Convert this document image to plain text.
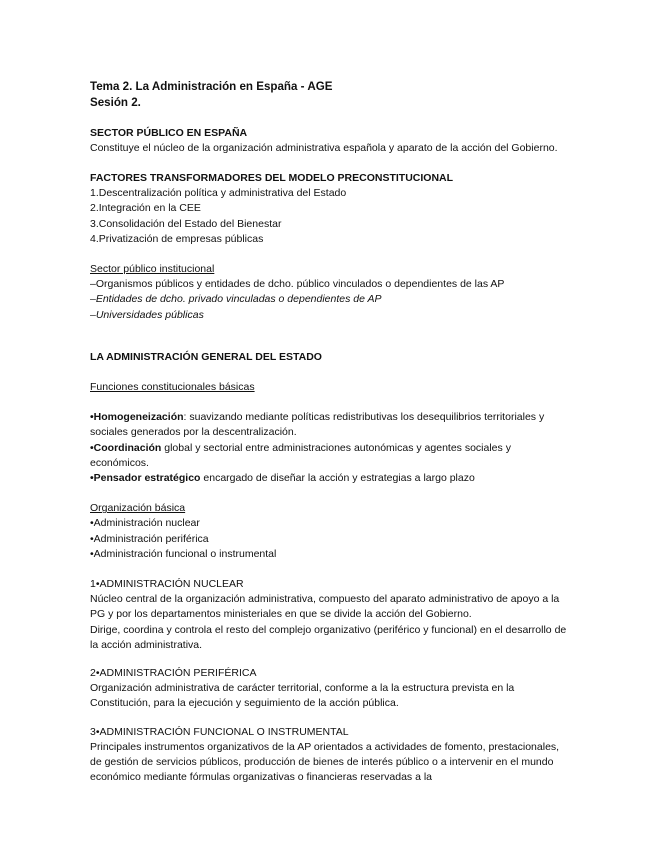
Tema 2. La Administración en España - AGE
Sesión 2.
SECTOR PÚBLICO EN ESPAÑA

Constituye el núcleo de la organización administrativa española y aparato de la acción del Gobierno.

FACTORES TRANSFORMADORES DEL MODELO PRECONSTITUCIONAL
1.Descentralización política y administrativa del Estado
2.Integración en la CEE
3.Consolidación del Estado del Bienestar
4.Privatización de empresas públicas
Sector público institucional
–Organismos públicos y entidades de dcho. público vinculados o dependientes de las AP
–Entidades de dcho. privado vinculadas o dependientes de AP
–Universidades públicas
LA ADMINISTRACIÓN GENERAL DEL ESTADO
Funciones constitucionales básicas

•Homogeneización: suavizando mediante políticas redistributivas los desequilibrios territoriales y sociales generados por la descentralización.

•Coordinación global y sectorial entre administraciones autonómicas y agentes sociales y económicos.

•Pensador estratégico encargado de diseñar la acción y estrategias a largo plazo

Organización básica
•Administración nuclear
•Administración periférica
•Administración funcional o instrumental
1•ADMINISTRACIÓN NUCLEAR

Núcleo central de la organización administrativa, compuesto del aparato administrativo de apoyo a la PG y por los departamentos ministeriales en que se divide la acción del Gobierno.

Dirige, coordina y controla el resto del complejo organizativo (periférico y funcional) en el desarrollo de la acción administrativa.

2•ADMINISTRACIÓN PERIFÉRICA

Organización administrativa de carácter territorial, conforme a la la estructura prevista en la Constitución, para la ejecución y seguimiento de la acción pública.

3•ADMINISTRACIÓN FUNCIONAL O INSTRUMENTAL

Principales instrumentos organizativos de la AP orientados a actividades de fomento, prestacionales, de gestión de servicios públicos, producción de bienes de interés público o a intervenir en el mundo económico mediante fórmulas organizativas o financieras reservadas a la
